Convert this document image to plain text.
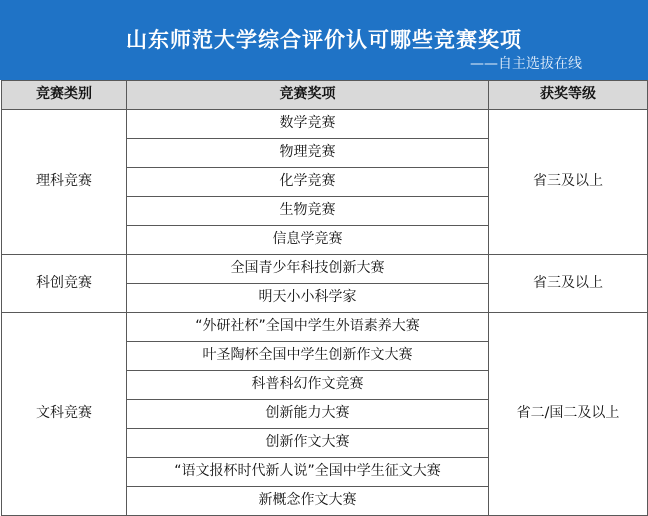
山东师范大学综合评价认可哪些竞赛奖项
——自主选拔在线
竞赛类别	竞赛奖项	获奖等级
理科竞赛	数学竞赛	省三及以上
	物理竞赛	
	化学竞赛	
	生物竞赛	
	信息学竞赛	
科创竞赛	全国青少年科技创新大赛	省三及以上
	明天小小科学家	
文科竞赛	“外研社杯”全国中学生外语素养大赛	省二/国二及以上
	叶圣陶杯全国中学生创新作文大赛	
	科普科幻作文竞赛	
	创新能力大赛	
	创新作文大赛	
	“语文报杯时代新人说”全国中学生征文大赛	
	新概念作文大赛	
